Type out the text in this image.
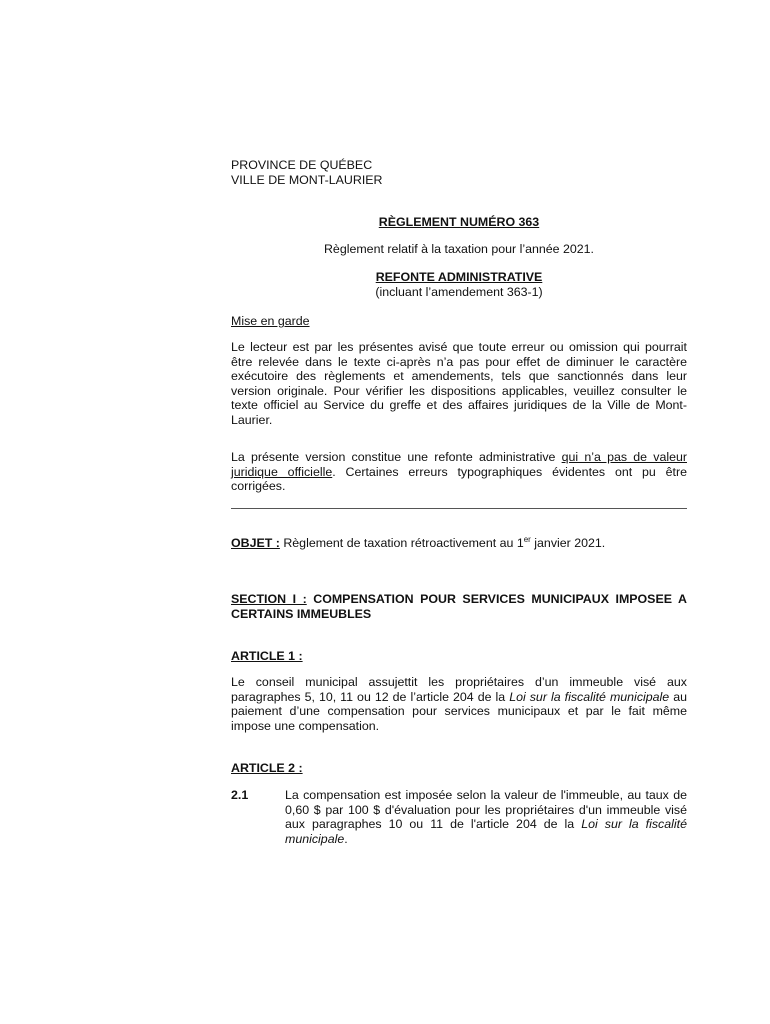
PROVINCE DE QUÉBEC
VILLE DE MONT-LAURIER
RÈGLEMENT NUMÉRO 363
Règlement relatif à la taxation pour l’année 2021.
REFONTE ADMINISTRATIVE
(incluant l’amendement 363-1)
Mise en garde
Le lecteur est par les présentes avisé que toute erreur ou omission qui pourrait être relevée dans le texte ci-après n’a pas pour effet de diminuer le caractère exécutoire des règlements et amendements, tels que sanctionnés dans leur version originale. Pour vérifier les dispositions applicables, veuillez consulter le texte officiel au Service du greffe et des affaires juridiques de la Ville de Mont-Laurier.
La présente version constitue une refonte administrative qui n’a pas de valeur juridique officielle. Certaines erreurs typographiques évidentes ont pu être corrigées.
OBJET : Règlement de taxation rétroactivement au 1er janvier 2021.
SECTION I : COMPENSATION POUR SERVICES MUNICIPAUX IMPOSEE A CERTAINS IMMEUBLES
ARTICLE 1 :
Le conseil municipal assujettit les propriétaires d’un immeuble visé aux paragraphes 5, 10, 11 ou 12 de l’article 204 de la Loi sur la fiscalité municipale au paiement d’une compensation pour services municipaux et par le fait même impose une compensation.
ARTICLE 2 :
2.1	La compensation est imposée selon la valeur de l'immeuble, au taux de 0,60 $ par 100 $ d'évaluation pour les propriétaires d'un immeuble visé aux paragraphes 10 ou 11 de l'article 204 de la Loi sur la fiscalité municipale.
